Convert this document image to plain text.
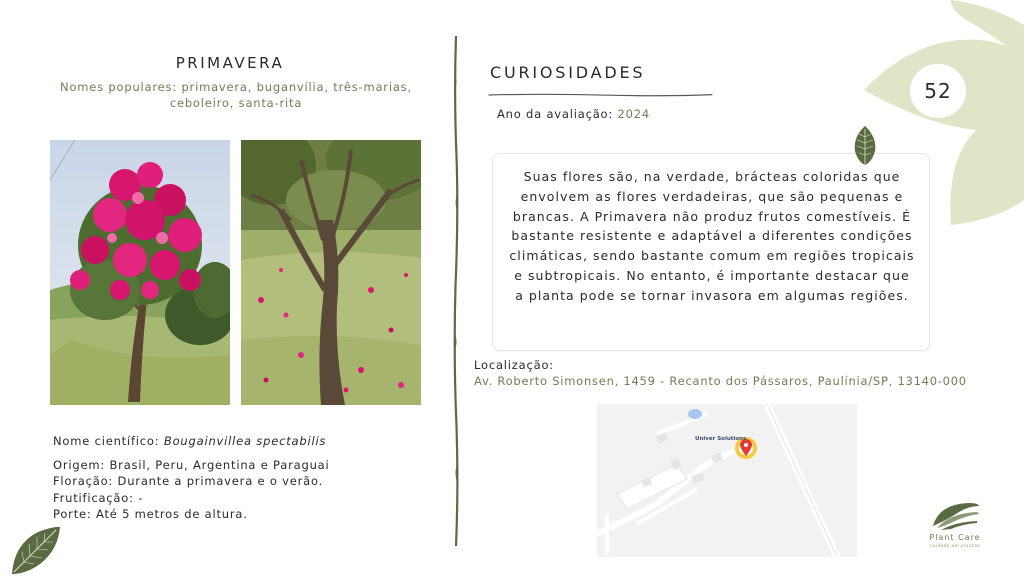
PRIMAVERA
Nomes populares: primavera, buganvília, três-marias, ceboleiro, santa-rita
Nome científico: Bougainvillea spectabilis
Origem: Brasil, Peru, Argentina e Paraguai
Floração: Durante a primavera e o verão.
Frutificação: -
Porte: Até 5 metros de altura.
CURIOSIDADES
Ano da avaliação: 2024
Suas flores são, na verdade, brácteas coloridas que envolvem as flores verdadeiras, que são pequenas e brancas. A Primavera não produz frutos comestíveis. É bastante resistente e adaptável a diferentes condições climáticas, sendo bastante comum em regiões tropicais e subtropicais. No entanto, é importante destacar que a planta pode se tornar invasora em algumas regiões.
Localização:
Av. Roberto Simonsen, 1459 - Recanto dos Pássaros, Paulínia/SP, 13140-000
Univer Solutions
52
Plant Care
cuidado em plantas
